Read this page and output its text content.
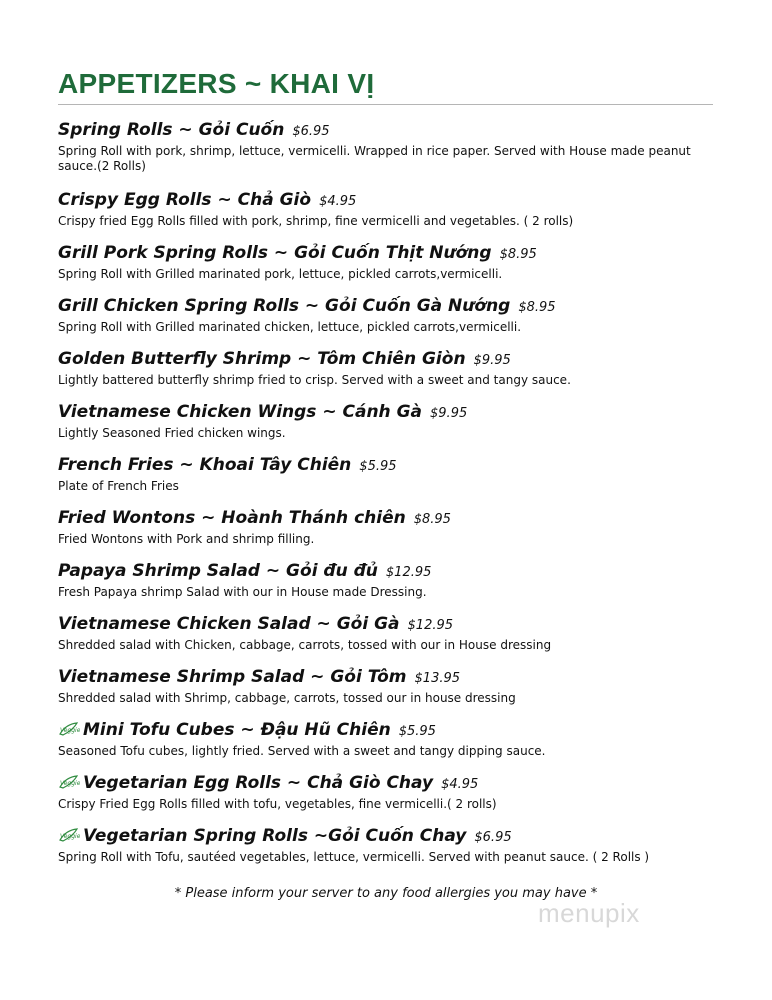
APPETIZERS ~ KHAI VỊ
Spring Rolls ~ Gỏi Cuốn $6.95
Spring Roll with pork, shrimp, lettuce, vermicelli. Wrapped in rice paper. Served with House made peanut sauce.(2 Rolls)
Crispy Egg Rolls ~ Chả Giò $4.95
Crispy fried Egg Rolls filled with pork, shrimp, fine vermicelli and vegetables. ( 2 rolls)
Grill Pork Spring Rolls ~ Gỏi Cuốn Thịt Nướng $8.95
Spring Roll with Grilled marinated pork, lettuce, pickled carrots,vermicelli.
Grill Chicken Spring Rolls ~ Gỏi Cuốn Gà Nướng $8.95
Spring Roll with Grilled marinated chicken, lettuce, pickled carrots,vermicelli.
Golden Butterfly Shrimp ~ Tôm Chiên Giòn $9.95
Lightly battered butterfly shrimp fried to crisp. Served with a sweet and tangy sauce.
Vietnamese Chicken Wings ~ Cánh Gà $9.95
Lightly Seasoned Fried chicken wings.
French Fries ~ Khoai Tây Chiên $5.95
Plate of French Fries
Fried Wontons ~ Hoành Thánh chiên $8.95
Fried Wontons with Pork and shrimp filling.
Papaya Shrimp Salad ~ Gỏi đu đủ $12.95
Fresh Papaya shrimp Salad with our in House made Dressing.
Vietnamese Chicken Salad ~ Gỏi Gà $12.95
Shredded salad with Chicken, cabbage, carrots, tossed with our in House dressing
Vietnamese Shrimp Salad ~ Gỏi Tôm $13.95
Shredded salad with Shrimp, cabbage, carrots, tossed our in house dressing
Veggie Mini Tofu Cubes ~ Đậu Hũ Chiên $5.95
Seasoned Tofu cubes, lightly fried. Served with a sweet and tangy dipping sauce.
Veggie Vegetarian Egg Rolls ~ Chả Giò Chay $4.95
Crispy Fried Egg Rolls filled with tofu, vegetables, fine vermicelli.( 2 rolls)
Veggie Vegetarian Spring Rolls ~Gỏi Cuốn Chay $6.95
Spring Roll with Tofu, sautéed vegetables, lettuce, vermicelli. Served with peanut sauce. ( 2 Rolls )
* Please inform your server to any food allergies you may have *
menupix
